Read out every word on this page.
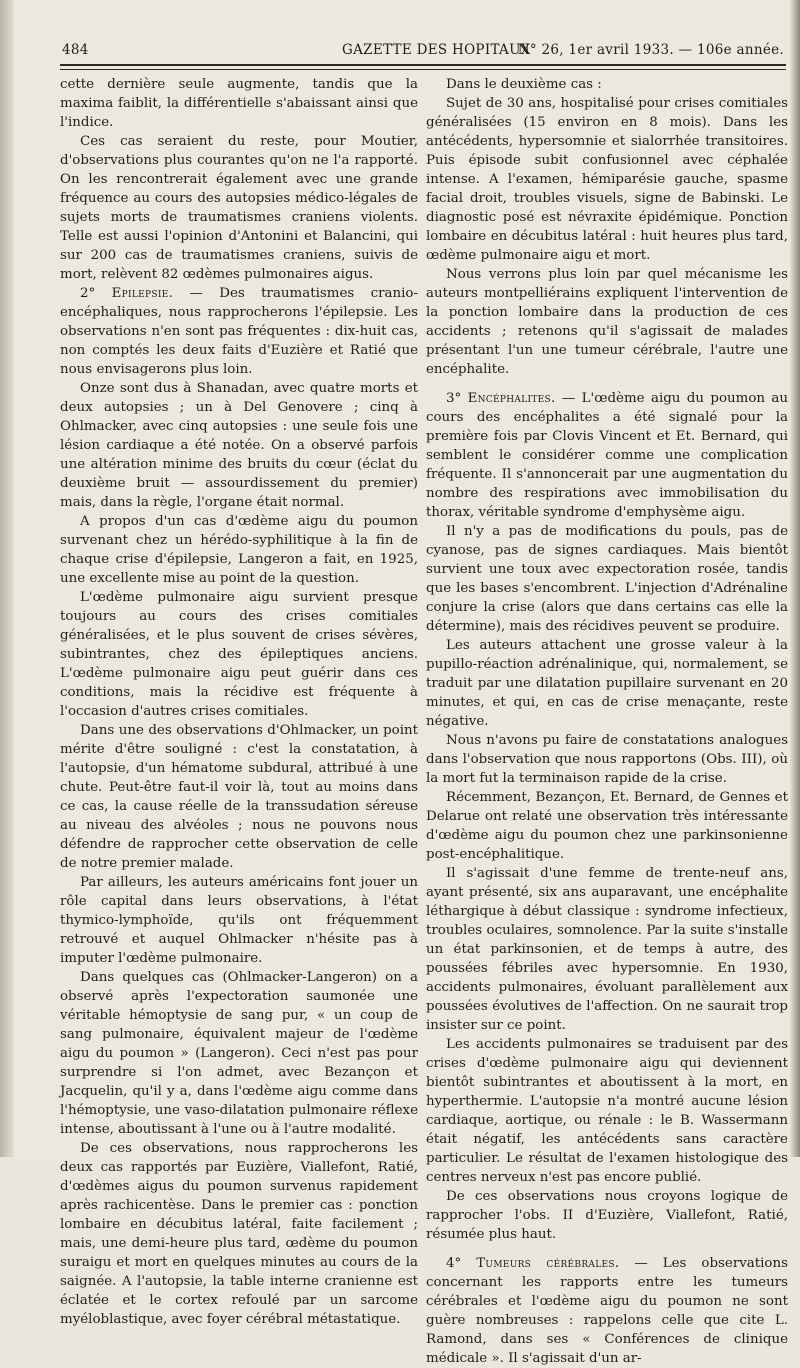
484	GAZETTE DES HOPITAUX
N° 26, 1er avril 1933. — 106e année.

cette dernière seule augmente, tandis que la maxima faiblit, la différentielle s'abaissant ainsi que l'indice.

Ces cas seraient du reste, pour Moutier, d'observations plus courantes qu'on ne l'a rapporté. On les rencontrerait également avec une grande fréquence au cours des autopsies médico-légales de sujets morts de traumatismes craniens violents. Telle est aussi l'opinion d'Antonini et Balancini, qui sur 200 cas de traumatismes craniens, suivis de mort, relèvent 82 œdèmes pulmonaires aigus.

2° Epilepsie. — Des traumatismes cranio-encéphaliques, nous rapprocherons l'épilepsie. Les observations n'en sont pas fréquentes : dix-huit cas, non comptés les deux faits d'Euzière et Ratié que nous envisagerons plus loin.

Onze sont dus à Shanadan, avec quatre morts et deux autopsies ; un à Del Genovere ; cinq à Ohlmacker, avec cinq autopsies : une seule fois une lésion cardiaque a été notée. On a observé parfois une altération minime des bruits du cœur (éclat du deuxième bruit — assourdissement du premier) mais, dans la règle, l'organe était normal.

A propos d'un cas d'œdème aigu du poumon survenant chez un hérédo-syphilitique à la fin de chaque crise d'épilepsie, Langeron a fait, en 1925, une excellente mise au point de la question.

L'œdème pulmonaire aigu survient presque toujours au cours des crises comitiales généralisées, et le plus souvent de crises sévères, subintrantes, chez des épileptiques anciens. L'œdème pulmonaire aigu peut guérir dans ces conditions, mais la récidive est fréquente à l'occasion d'autres crises comitiales.

Dans une des observations d'Ohlmacker, un point mérite d'être souligné : c'est la constatation, à l'autopsie, d'un hématome subdural, attribué à une chute. Peut-être faut-il voir là, tout au moins dans ce cas, la cause réelle de la transsudation séreuse au niveau des alvéoles ; nous ne pouvons nous défendre de rapprocher cette observation de celle de notre premier malade.

Par ailleurs, les auteurs américains font jouer un rôle capital dans leurs observations, à l'état thymico-lymphoïde, qu'ils ont fréquemment retrouvé et auquel Ohlmacker n'hésite pas à imputer l'œdème pulmonaire.

Dans quelques cas (Ohlmacker-Langeron) on a observé après l'expectoration saumonée une véritable hémoptysie de sang pur, « un coup de sang pulmonaire, équivalent majeur de l'œdème aigu du poumon » (Langeron). Ceci n'est pas pour surprendre si l'on admet, avec Bezançon et Jacquelin, qu'il y a, dans l'œdème aigu comme dans l'hémoptysie, une vaso-dilatation pulmonaire réflexe intense, aboutissant à l'une ou à l'autre modalité.

De ces observations, nous rapprocherons les deux cas rapportés par Euzière, Viallefont, Ratié, d'œdèmes aigus du poumon survenus rapidement après rachicentèse. Dans le premier cas : ponction lombaire en décubitus latéral, faite facilement ; mais, une demi-heure plus tard, œdème du poumon suraigu et mort en quelques minutes au cours de la saignée. A l'autopsie, la table interne cranienne est éclatée et le cortex refoulé par un sarcome myéloblastique, avec foyer cérébral métastatique.

Dans le deuxième cas :

Sujet de 30 ans, hospitalisé pour crises comitiales généralisées (15 environ en 8 mois). Dans les antécédents, hypersomnie et sialorrhée transitoires. Puis épisode subit confusionnel avec céphalée intense. A l'examen, hémiparésie gauche, spasme facial droit, troubles visuels, signe de Babinski. Le diagnostic posé est névraxite épidémique. Ponction lombaire en décubitus latéral : huit heures plus tard, œdème pulmonaire aigu et mort.

Nous verrons plus loin par quel mécanisme les auteurs montpelliérains expliquent l'intervention de la ponction lombaire dans la production de ces accidents ; retenons qu'il s'agissait de malades présentant l'un une tumeur cérébrale, l'autre une encéphalite.

3° Encéphalites. — L'œdème aigu du poumon au cours des encéphalites a été signalé pour la première fois par Clovis Vincent et Et. Bernard, qui semblent le considérer comme une complication fréquente. Il s'annoncerait par une augmentation du nombre des respirations avec immobilisation du thorax, véritable syndrome d'emphysème aigu.

Il n'y a pas de modifications du pouls, pas de cyanose, pas de signes cardiaques. Mais bientôt survient une toux avec expectoration rosée, tandis que les bases s'encombrent. L'injection d'Adrénaline conjure la crise (alors que dans certains cas elle la détermine), mais des récidives peuvent se produire.

Les auteurs attachent une grosse valeur à la pupillo-réaction adrénalinique, qui, normalement, se traduit par une dilatation pupillaire survenant en 20 minutes, et qui, en cas de crise menaçante, reste négative.

Nous n'avons pu faire de constatations analogues dans l'observation que nous rapportons (Obs. III), où la mort fut la terminaison rapide de la crise.

Récemment, Bezançon, Et. Bernard, de Gennes et Delarue ont relaté une observation très intéressante d'œdème aigu du poumon chez une parkinsonienne post-encéphalitique.

Il s'agissait d'une femme de trente-neuf ans, ayant présenté, six ans auparavant, une encéphalite léthargique à début classique : syndrome infectieux, troubles oculaires, somnolence. Par la suite s'installe un état parkinsonien, et de temps à autre, des poussées fébriles avec hypersomnie. En 1930, accidents pulmonaires, évoluant parallèlement aux poussées évolutives de l'affection. On ne saurait trop insister sur ce point.

Les accidents pulmonaires se traduisent par des crises d'œdème pulmonaire aigu qui deviennent bientôt subintrantes et aboutissent à la mort, en hyperthermie. L'autopsie n'a montré aucune lésion cardiaque, aortique, ou rénale : le B. Wassermann était négatif, les antécédents sans caractère particulier. Le résultat de l'examen histologique des centres nerveux n'est pas encore publié.

De ces observations nous croyons logique de rapprocher l'obs. II d'Euzière, Viallefont, Ratié, résumée plus haut.

4° Tumeurs cérébrales. — Les observations concernant les rapports entre les tumeurs cérébrales et l'œdème aigu du poumon ne sont guère nombreuses : rappelons celle que cite L. Ramond, dans ses « Conférences de clinique médicale ». Il s'agissait d'un ar-
